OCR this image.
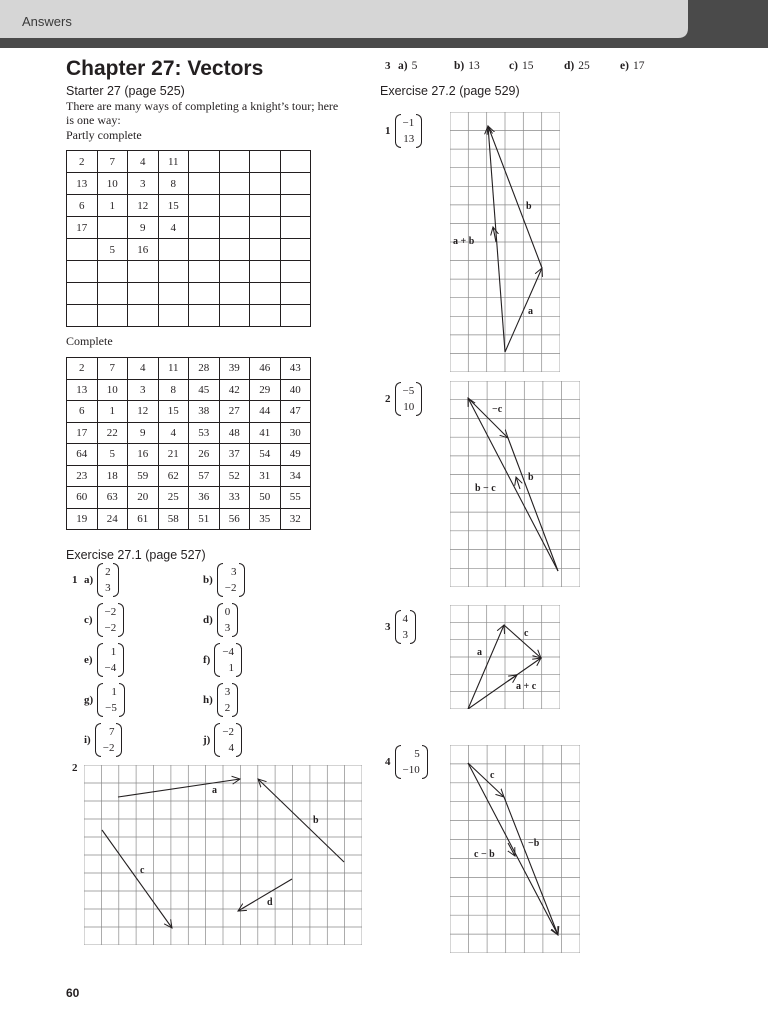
Answers
Chapter 27: Vectors
Starter 27 (page 525)
There are many ways of completing a knight’s tour; here
is one way:
Partly complete
2	7	4	11				
13	10	3	8				
6	1	12	15				
17		9	4				
	5	16					

Complete
2	7	4	11	28	39	46	43
13	10	3	8	45	42	29	40
6	1	12	15	38	27	44	47
17	22	9	4	53	48	41	30
64	5	16	21	26	37	54	49
23	18	59	62	57	52	31	34
60	63	20	25	36	33	50	55
19	24	61	58	51	56	35	32
Exercise 27.1 (page 527)
1 a)
2
3
b)
3
−2
c)
−2
−2
d)
0
3
e)
1
−4
f)
−4
1
g)
1
−5
h)
3
2
i)
7
−2
j)
−2
4
2
a
b
c
d
3 a) 5	b) 13	c) 15	d) 25	e) 17
Exercise 27.2 (page 529)
1
−1
13
2
−5
10
3
4
3
4
5
−10
b
a + b
a
−c
b
b − c
c
a
a + c
c
−b
c − b
60
